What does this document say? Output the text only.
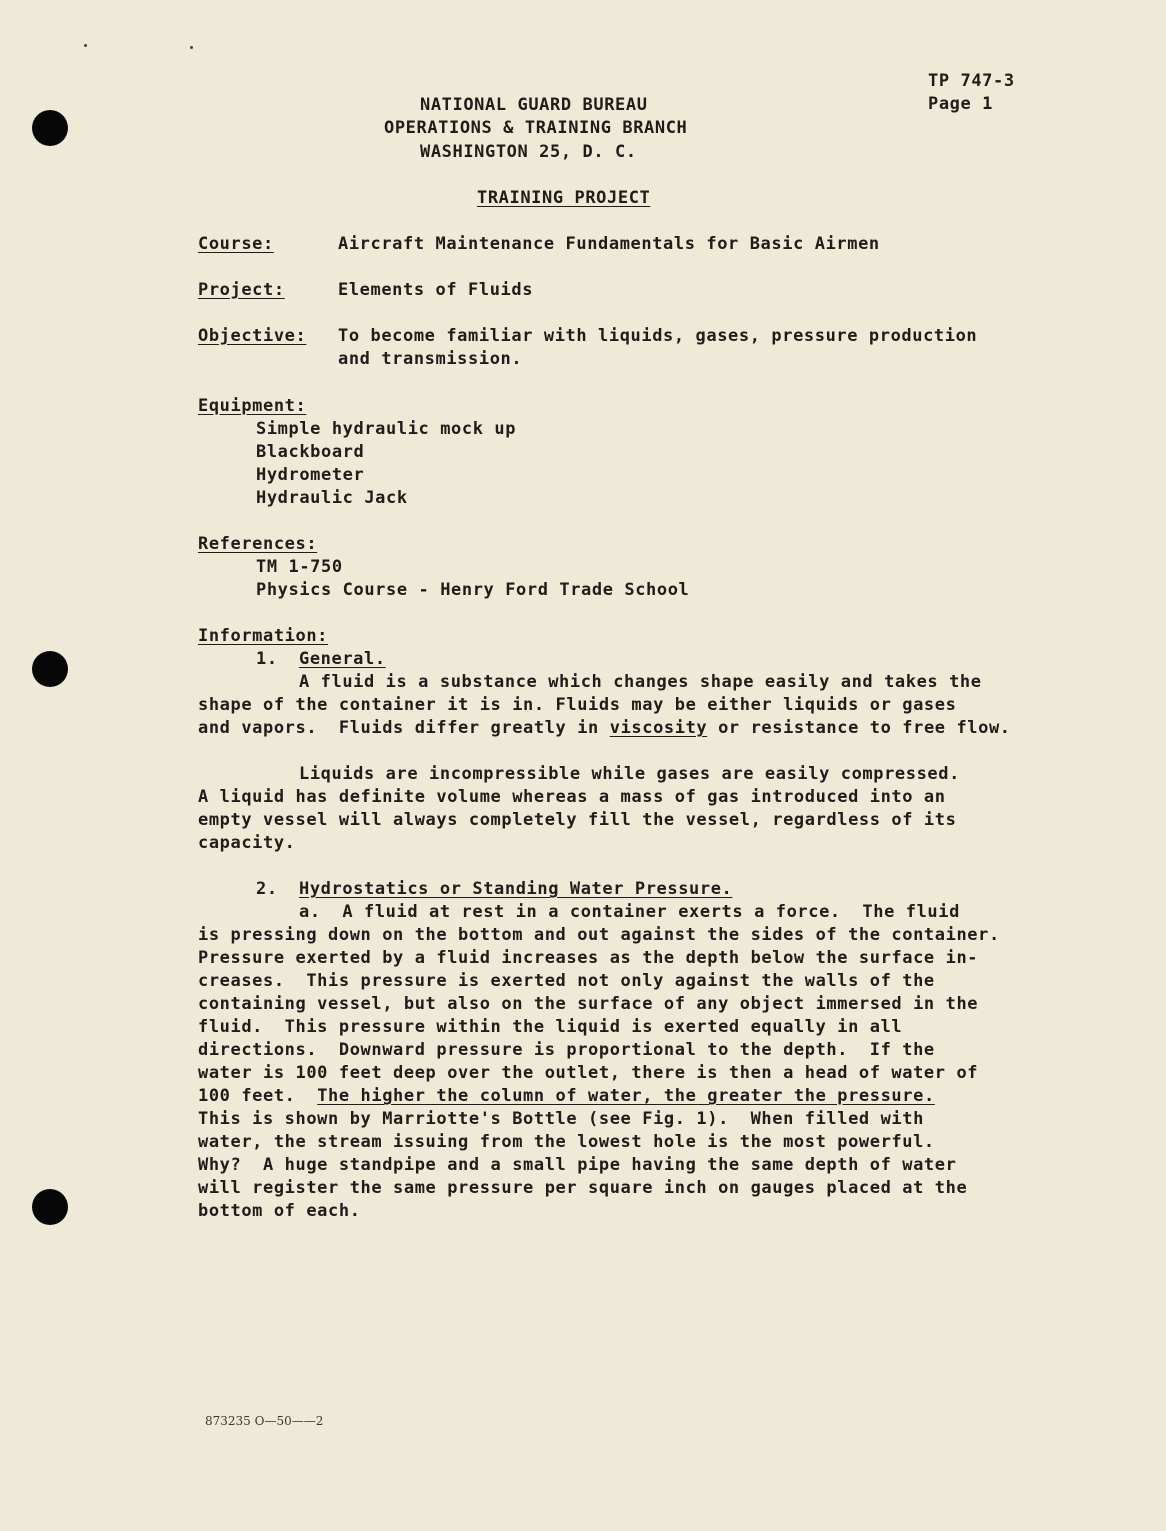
TP 747-3
Page 1
NATIONAL GUARD BUREAU
OPERATIONS & TRAINING BRANCH
WASHINGTON 25, D. C.
TRAINING PROJECT
Course:	Aircraft Maintenance Fundamentals for Basic Airmen
Project:	Elements of Fluids
Objective: To become familiar with liquids, gases, pressure production
and transmission.
Equipment:
Simple hydraulic mock up
Blackboard
Hydrometer
Hydraulic Jack
References:
TM 1-750
Physics Course - Henry Ford Trade School
Information:
1. General.
A fluid is a substance which changes shape easily and takes the
shape of the container it is in. Fluids may be either liquids or gases
and vapors.  Fluids differ greatly in viscosity or resistance to free flow.
Liquids are incompressible while gases are easily compressed.
A liquid has definite volume whereas a mass of gas introduced into an
empty vessel will always completely fill the vessel, regardless of its
capacity.
2. Hydrostatics or Standing Water Pressure.
a.  A fluid at rest in a container exerts a force.  The fluid
is pressing down on the bottom and out against the sides of the container.
Pressure exerted by a fluid increases as the depth below the surface in-
creases.  This pressure is exerted not only against the walls of the
containing vessel, but also on the surface of any object immersed in the
fluid.  This pressure within the liquid is exerted equally in all
directions.  Downward pressure is proportional to the depth.  If the
water is 100 feet deep over the outlet, there is then a head of water of
100 feet.  The higher the column of water, the greater the pressure.
This is shown by Marriotte's Bottle (see Fig. 1).  When filled with
water, the stream issuing from the lowest hole is the most powerful.
Why?  A huge standpipe and a small pipe having the same depth of water
will register the same pressure per square inch on gauges placed at the
bottom of each.
873235 O—50——2
